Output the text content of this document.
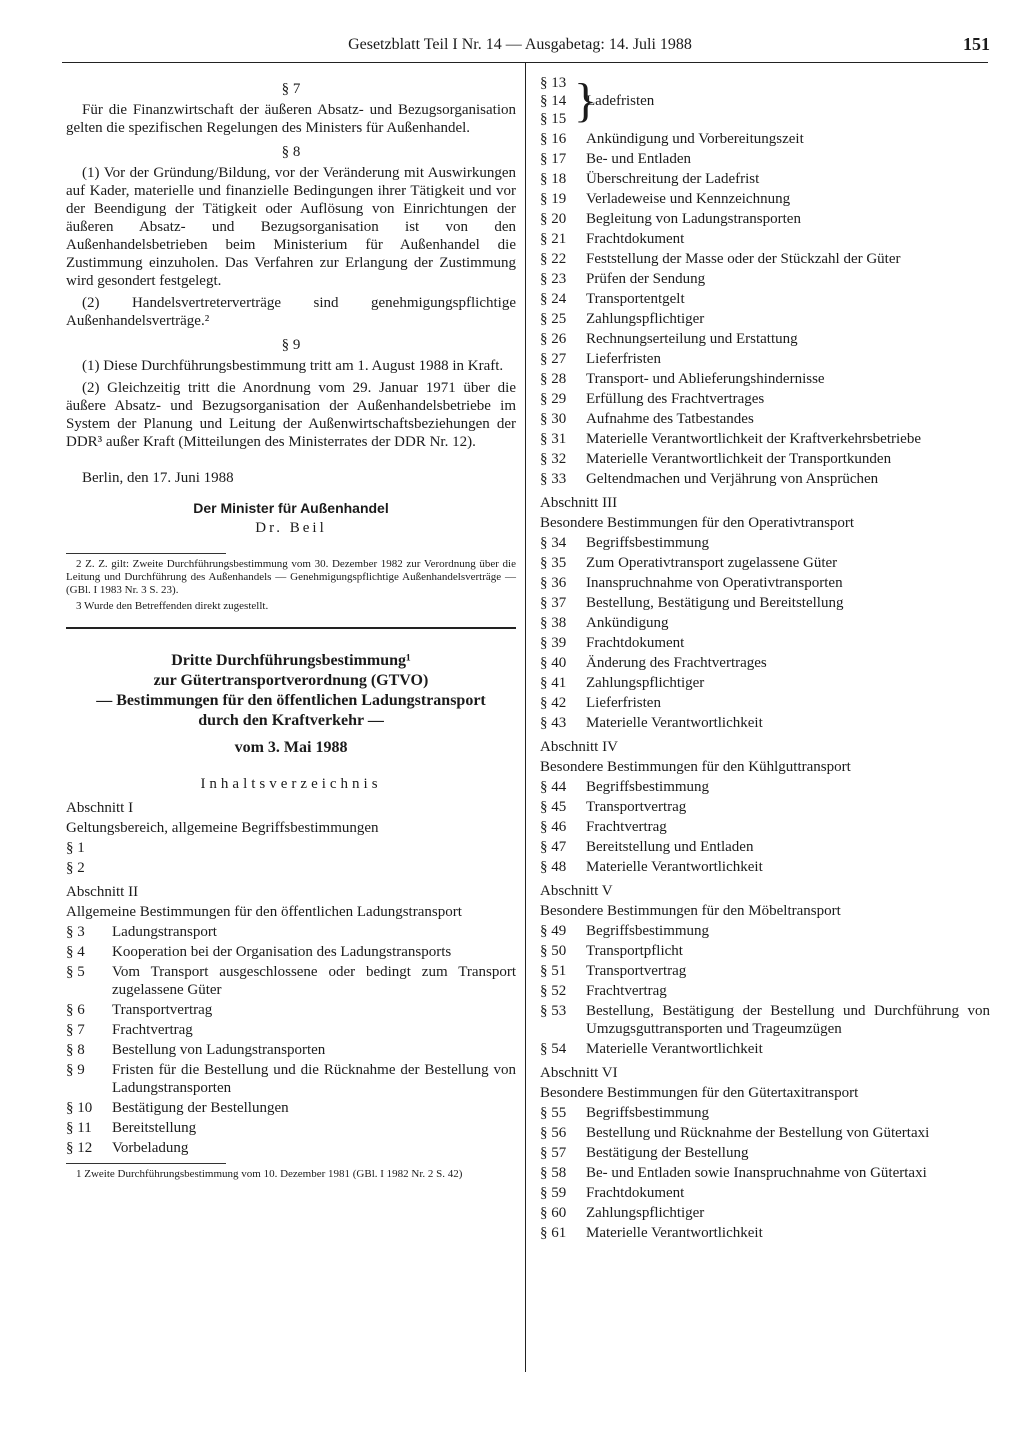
Gesetzblatt Teil I Nr. 14 — Ausgabetag: 14. Juli 1988	151
§ 7

Für die Finanzwirtschaft der äußeren Absatz- und Bezugsorganisation gelten die spezifischen Regelungen des Ministers für Außenhandel.

§ 8

(1) Vor der Gründung/Bildung, vor der Veränderung mit Auswirkungen auf Kader, materielle und finanzielle Bedingungen ihrer Tätigkeit und vor der Beendigung der Tätigkeit oder Auflösung von Einrichtungen der äußeren Absatz- und Bezugsorganisation ist von den Außenhandelsbetrieben beim Ministerium für Außenhandel die Zustimmung einzuholen. Das Verfahren zur Erlangung der Zustimmung wird gesondert festgelegt.

(2) Handelsvertreterverträge sind genehmigungspflichtige Außenhandelsverträge.²

§ 9

(1) Diese Durchführungsbestimmung tritt am 1. August 1988 in Kraft.

(2) Gleichzeitig tritt die Anordnung vom 29. Januar 1971 über die äußere Absatz- und Bezugsorganisation der Außenhandelsbetriebe im System der Planung und Leitung der Außenwirtschaftsbeziehungen der DDR³ außer Kraft (Mitteilungen des Ministerrates der DDR Nr. 12).

Berlin, den 17. Juni 1988
Der Minister für Außenhandel
Dr. Beil

2 Z. Z. gilt: Zweite Durchführungsbestimmung vom 30. Dezember 1982 zur Verordnung über die Leitung und Durchführung des Außenhandels — Genehmigungspflichtige Außenhandelsverträge — (GBl. I 1983 Nr. 3 S. 23).

3 Wurde den Betreffenden direkt zugestellt.

Dritte Durchführungsbestimmung¹
zur Gütertransportverordnung (GTVO)
— Bestimmungen für den öffentlichen Ladungstransport
durch den Kraftverkehr —
vom 3. Mai 1988
Inhaltsverzeichnis
Abschnitt I
Geltungsbereich, allgemeine Begriffsbestimmungen
§ 1
§ 2
Abschnitt II
Allgemeine Bestimmungen für den öffentlichen Ladungstransport
§ 3	Ladungstransport
§ 4	Kooperation bei der Organisation des Ladungstransports
§ 5	Vom Transport ausgeschlossene oder bedingt zum Transport zugelassene Güter
§ 6	Transportvertrag
§ 7	Frachtvertrag
§ 8	Bestellung von Ladungstransporten
§ 9	Fristen für die Bestellung und die Rücknahme der Bestellung von Ladungstransporten
§ 10	Bestätigung der Bestellungen
§ 11	Bereitstellung
§ 12	Vorbeladung
1 Zweite Durchführungsbestimmung vom 10. Dezember 1981 (GBl. I 1982 Nr. 2 S. 42)
§ 13
§ 14
§ 15 }
Ladefristen
§ 16	Ankündigung und Vorbereitungszeit
§ 17	Be- und Entladen
§ 18	Überschreitung der Ladefrist
§ 19	Verladeweise und Kennzeichnung
§ 20	Begleitung von Ladungstransporten
§ 21	Frachtdokument
§ 22	Feststellung der Masse oder der Stückzahl der Güter
§ 23	Prüfen der Sendung
§ 24	Transportentgelt
§ 25	Zahlungspflichtiger
§ 26	Rechnungserteilung und Erstattung
§ 27	Lieferfristen
§ 28	Transport- und Ablieferungshindernisse
§ 29	Erfüllung des Frachtvertrages
§ 30	Aufnahme des Tatbestandes
§ 31	Materielle Verantwortlichkeit der Kraftverkehrsbetriebe
§ 32	Materielle Verantwortlichkeit der Transportkunden
§ 33	Geltendmachen und Verjährung von Ansprüchen
Abschnitt III
Besondere Bestimmungen für den Operativtransport
§ 34	Begriffsbestimmung
§ 35	Zum Operativtransport zugelassene Güter
§ 36	Inanspruchnahme von Operativtransporten
§ 37	Bestellung, Bestätigung und Bereitstellung
§ 38	Ankündigung
§ 39	Frachtdokument
§ 40	Änderung des Frachtvertrages
§ 41	Zahlungspflichtiger
§ 42	Lieferfristen
§ 43	Materielle Verantwortlichkeit
Abschnitt IV
Besondere Bestimmungen für den Kühlguttransport
§ 44	Begriffsbestimmung
§ 45	Transportvertrag
§ 46	Frachtvertrag
§ 47	Bereitstellung und Entladen
§ 48	Materielle Verantwortlichkeit
Abschnitt V
Besondere Bestimmungen für den Möbeltransport
§ 49	Begriffsbestimmung
§ 50	Transportpflicht
§ 51	Transportvertrag
§ 52	Frachtvertrag
§ 53	Bestellung, Bestätigung der Bestellung und Durchführung von Umzugsguttransporten und Trageumzügen
§ 54	Materielle Verantwortlichkeit
Abschnitt VI
Besondere Bestimmungen für den Gütertaxitransport
§ 55	Begriffsbestimmung
§ 56	Bestellung und Rücknahme der Bestellung von Gütertaxi
§ 57	Bestätigung der Bestellung
§ 58	Be- und Entladen sowie Inanspruchnahme von Gütertaxi
§ 59	Frachtdokument
§ 60	Zahlungspflichtiger
§ 61	Materielle Verantwortlichkeit
